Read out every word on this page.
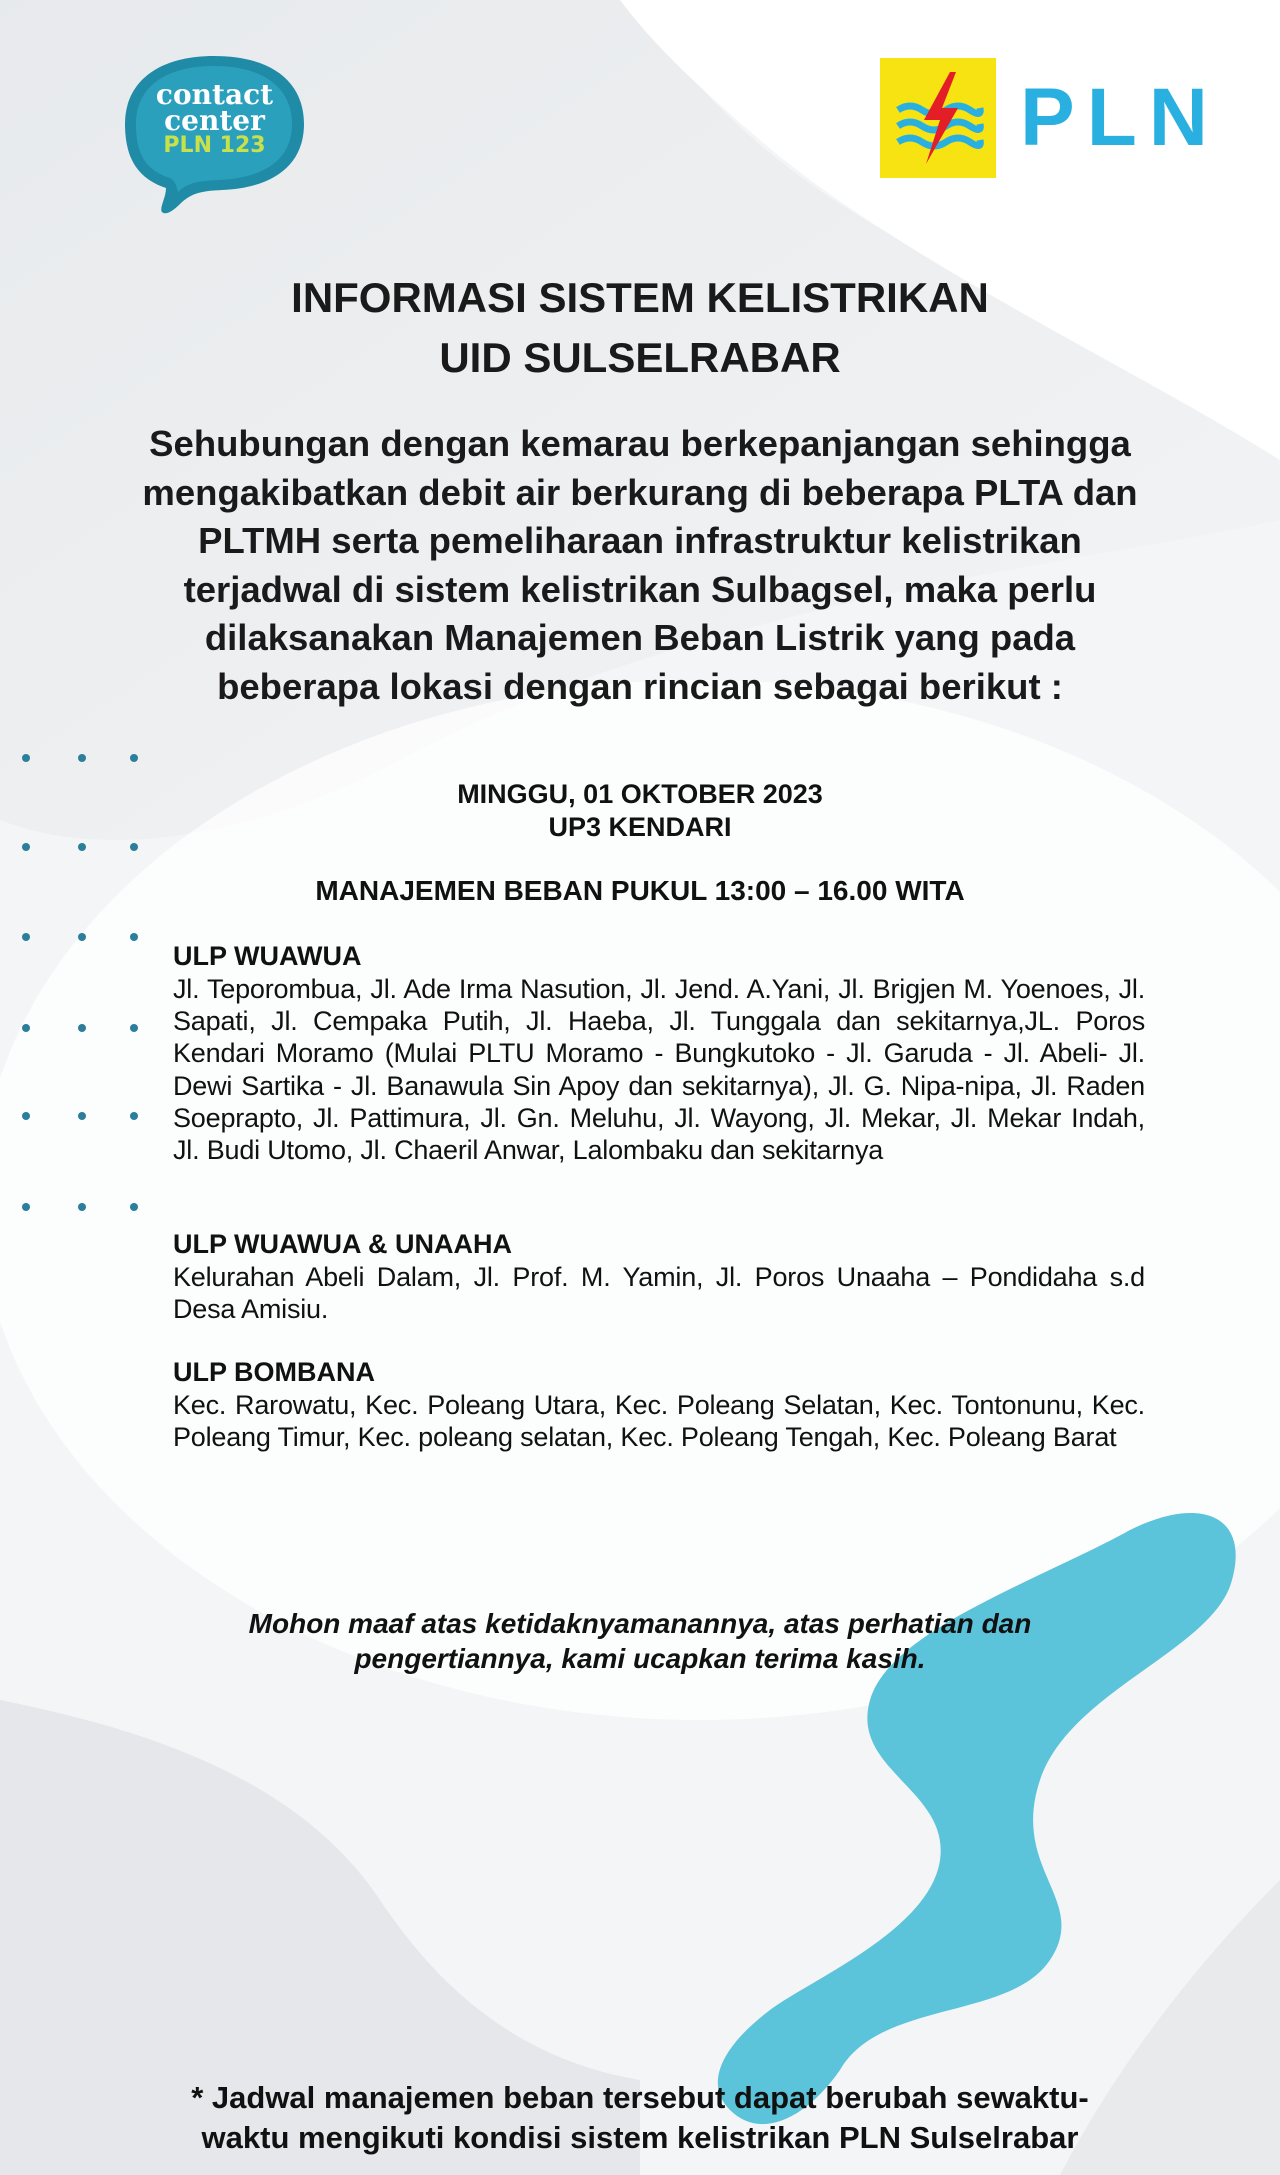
contact
center
PLN 123	PLN
INFORMASI SISTEM KELISTRIKAN
UID SULSELRABAR
Sehubungan dengan kemarau berkepanjangan sehingga
mengakibatkan debit air berkurang di beberapa PLTA dan
PLTMH serta pemeliharaan infrastruktur kelistrikan
terjadwal di sistem kelistrikan Sulbagsel, maka perlu
dilaksanakan Manajemen Beban Listrik yang pada
beberapa lokasi dengan rincian sebagai berikut :
MINGGU, 01 OKTOBER 2023
UP3 KENDARI
MANAJEMEN BEBAN PUKUL 13:00 – 16.00 WITA
ULP WUAWUA
Jl. Teporombua, Jl. Ade Irma Nasution, Jl. Jend. A.Yani, Jl. Brigjen M. Yoenoes, Jl. Sapati, Jl. Cempaka Putih, Jl. Haeba, Jl. Tunggala dan sekitarnya,JL. Poros Kendari Moramo (Mulai PLTU Moramo - Bungkutoko - Jl. Garuda - Jl. Abeli- Jl. Dewi Sartika - Jl. Banawula Sin Apoy dan sekitarnya), Jl. G. Nipa-nipa, Jl. Raden Soeprapto, Jl. Pattimura, Jl. Gn. Meluhu, Jl. Wayong, Jl. Mekar, Jl. Mekar Indah, Jl. Budi Utomo, Jl. Chaeril Anwar, Lalombaku dan sekitarnya
ULP WUAWUA & UNAAHA
Kelurahan Abeli Dalam, Jl. Prof. M. Yamin, Jl. Poros Unaaha – Pondidaha s.d Desa Amisiu.
ULP BOMBANA
Kec. Rarowatu, Kec. Poleang Utara, Kec. Poleang Selatan, Kec. Tontonunu, Kec. Poleang Timur, Kec. poleang selatan, Kec. Poleang Tengah, Kec. Poleang Barat
Mohon maaf atas ketidaknyamanannya, atas perhatian dan
pengertiannya, kami ucapkan terima kasih.
* Jadwal manajemen beban tersebut dapat berubah sewaktu-
waktu mengikuti kondisi sistem kelistrikan PLN Sulselrabar
